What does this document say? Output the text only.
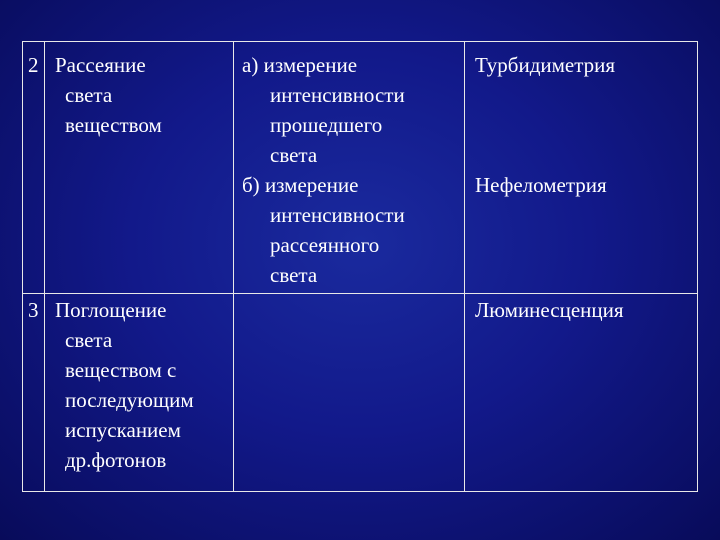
2 Рассеяние
света
веществом
а) измерение
интенсивности
прошедшего
света
б) измерение
интенсивности
рассеянного
света
Турбидиметрия
Нефелометрия
3 Поглощение
света
веществом с
последующим
испусканием
др.фотонов
Люминесценция
